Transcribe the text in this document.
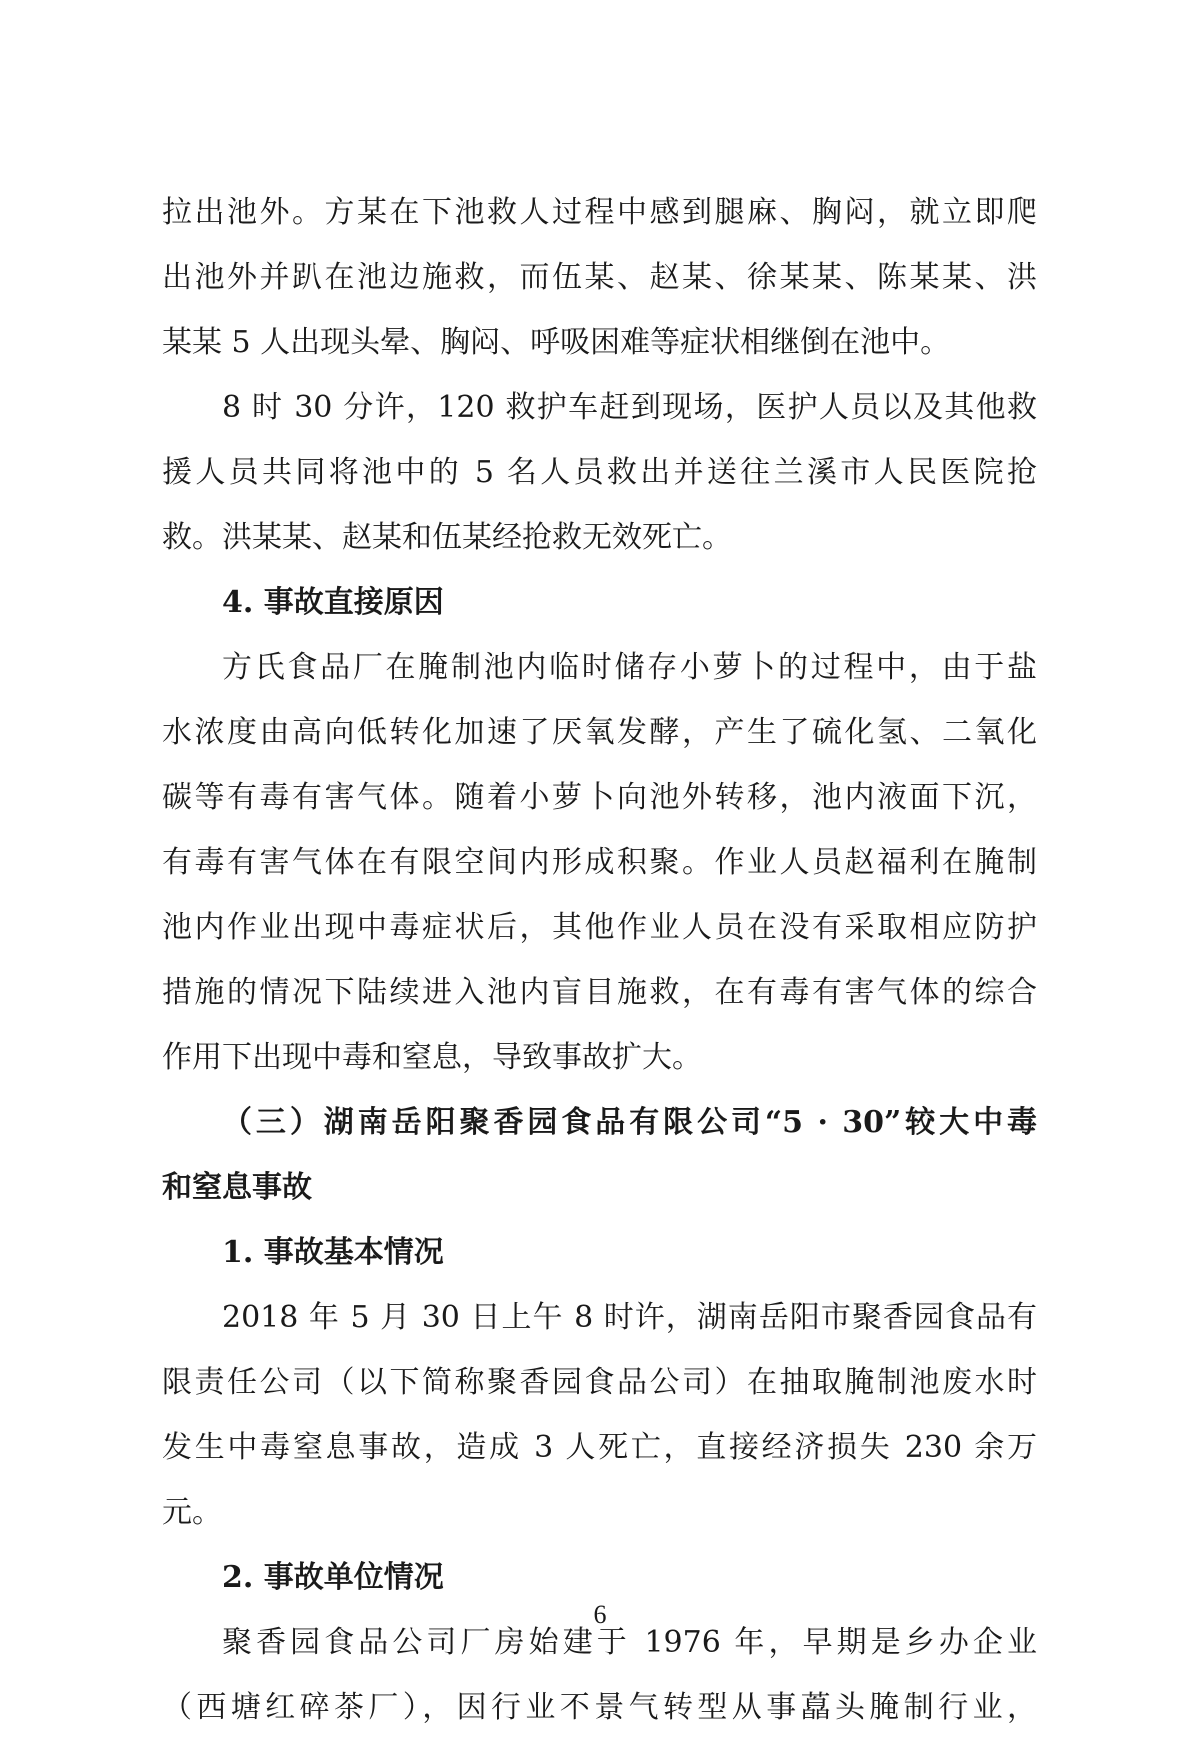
拉出池外。方某在下池救人过程中感到腿麻、胸闷，就立即爬
出池外并趴在池边施救，而伍某、赵某、徐某某、陈某某、洪
某某 5 人出现头晕、胸闷、呼吸困难等症状相继倒在池中。
8 时 30 分许，120 救护车赶到现场，医护人员以及其他救
援人员共同将池中的 5 名人员救出并送往兰溪市人民医院抢
救。洪某某、赵某和伍某经抢救无效死亡。
4. 事故直接原因
方氏食品厂在腌制池内临时储存小萝卜的过程中，由于盐
水浓度由高向低转化加速了厌氧发酵，产生了硫化氢、二氧化
碳等有毒有害气体。随着小萝卜向池外转移，池内液面下沉，
有毒有害气体在有限空间内形成积聚。作业人员赵福利在腌制
池内作业出现中毒症状后，其他作业人员在没有采取相应防护
措施的情况下陆续进入池内盲目施救，在有毒有害气体的综合
作用下出现中毒和窒息，导致事故扩大。
（三）湖南岳阳聚香园食品有限公司“5 · 30”较大中毒
和窒息事故
1. 事故基本情况
2018 年 5 月 30 日上午 8 时许，湖南岳阳市聚香园食品有
限责任公司（以下简称聚香园食品公司）在抽取腌制池废水时
发生中毒窒息事故，造成 3 人死亡，直接经济损失 230 余万
元。
2. 事故单位情况
聚香园食品公司厂房始建于 1976 年，早期是乡办企业
（西塘红碎茶厂），因行业不景气转型从事藠头腌制行业，
6
